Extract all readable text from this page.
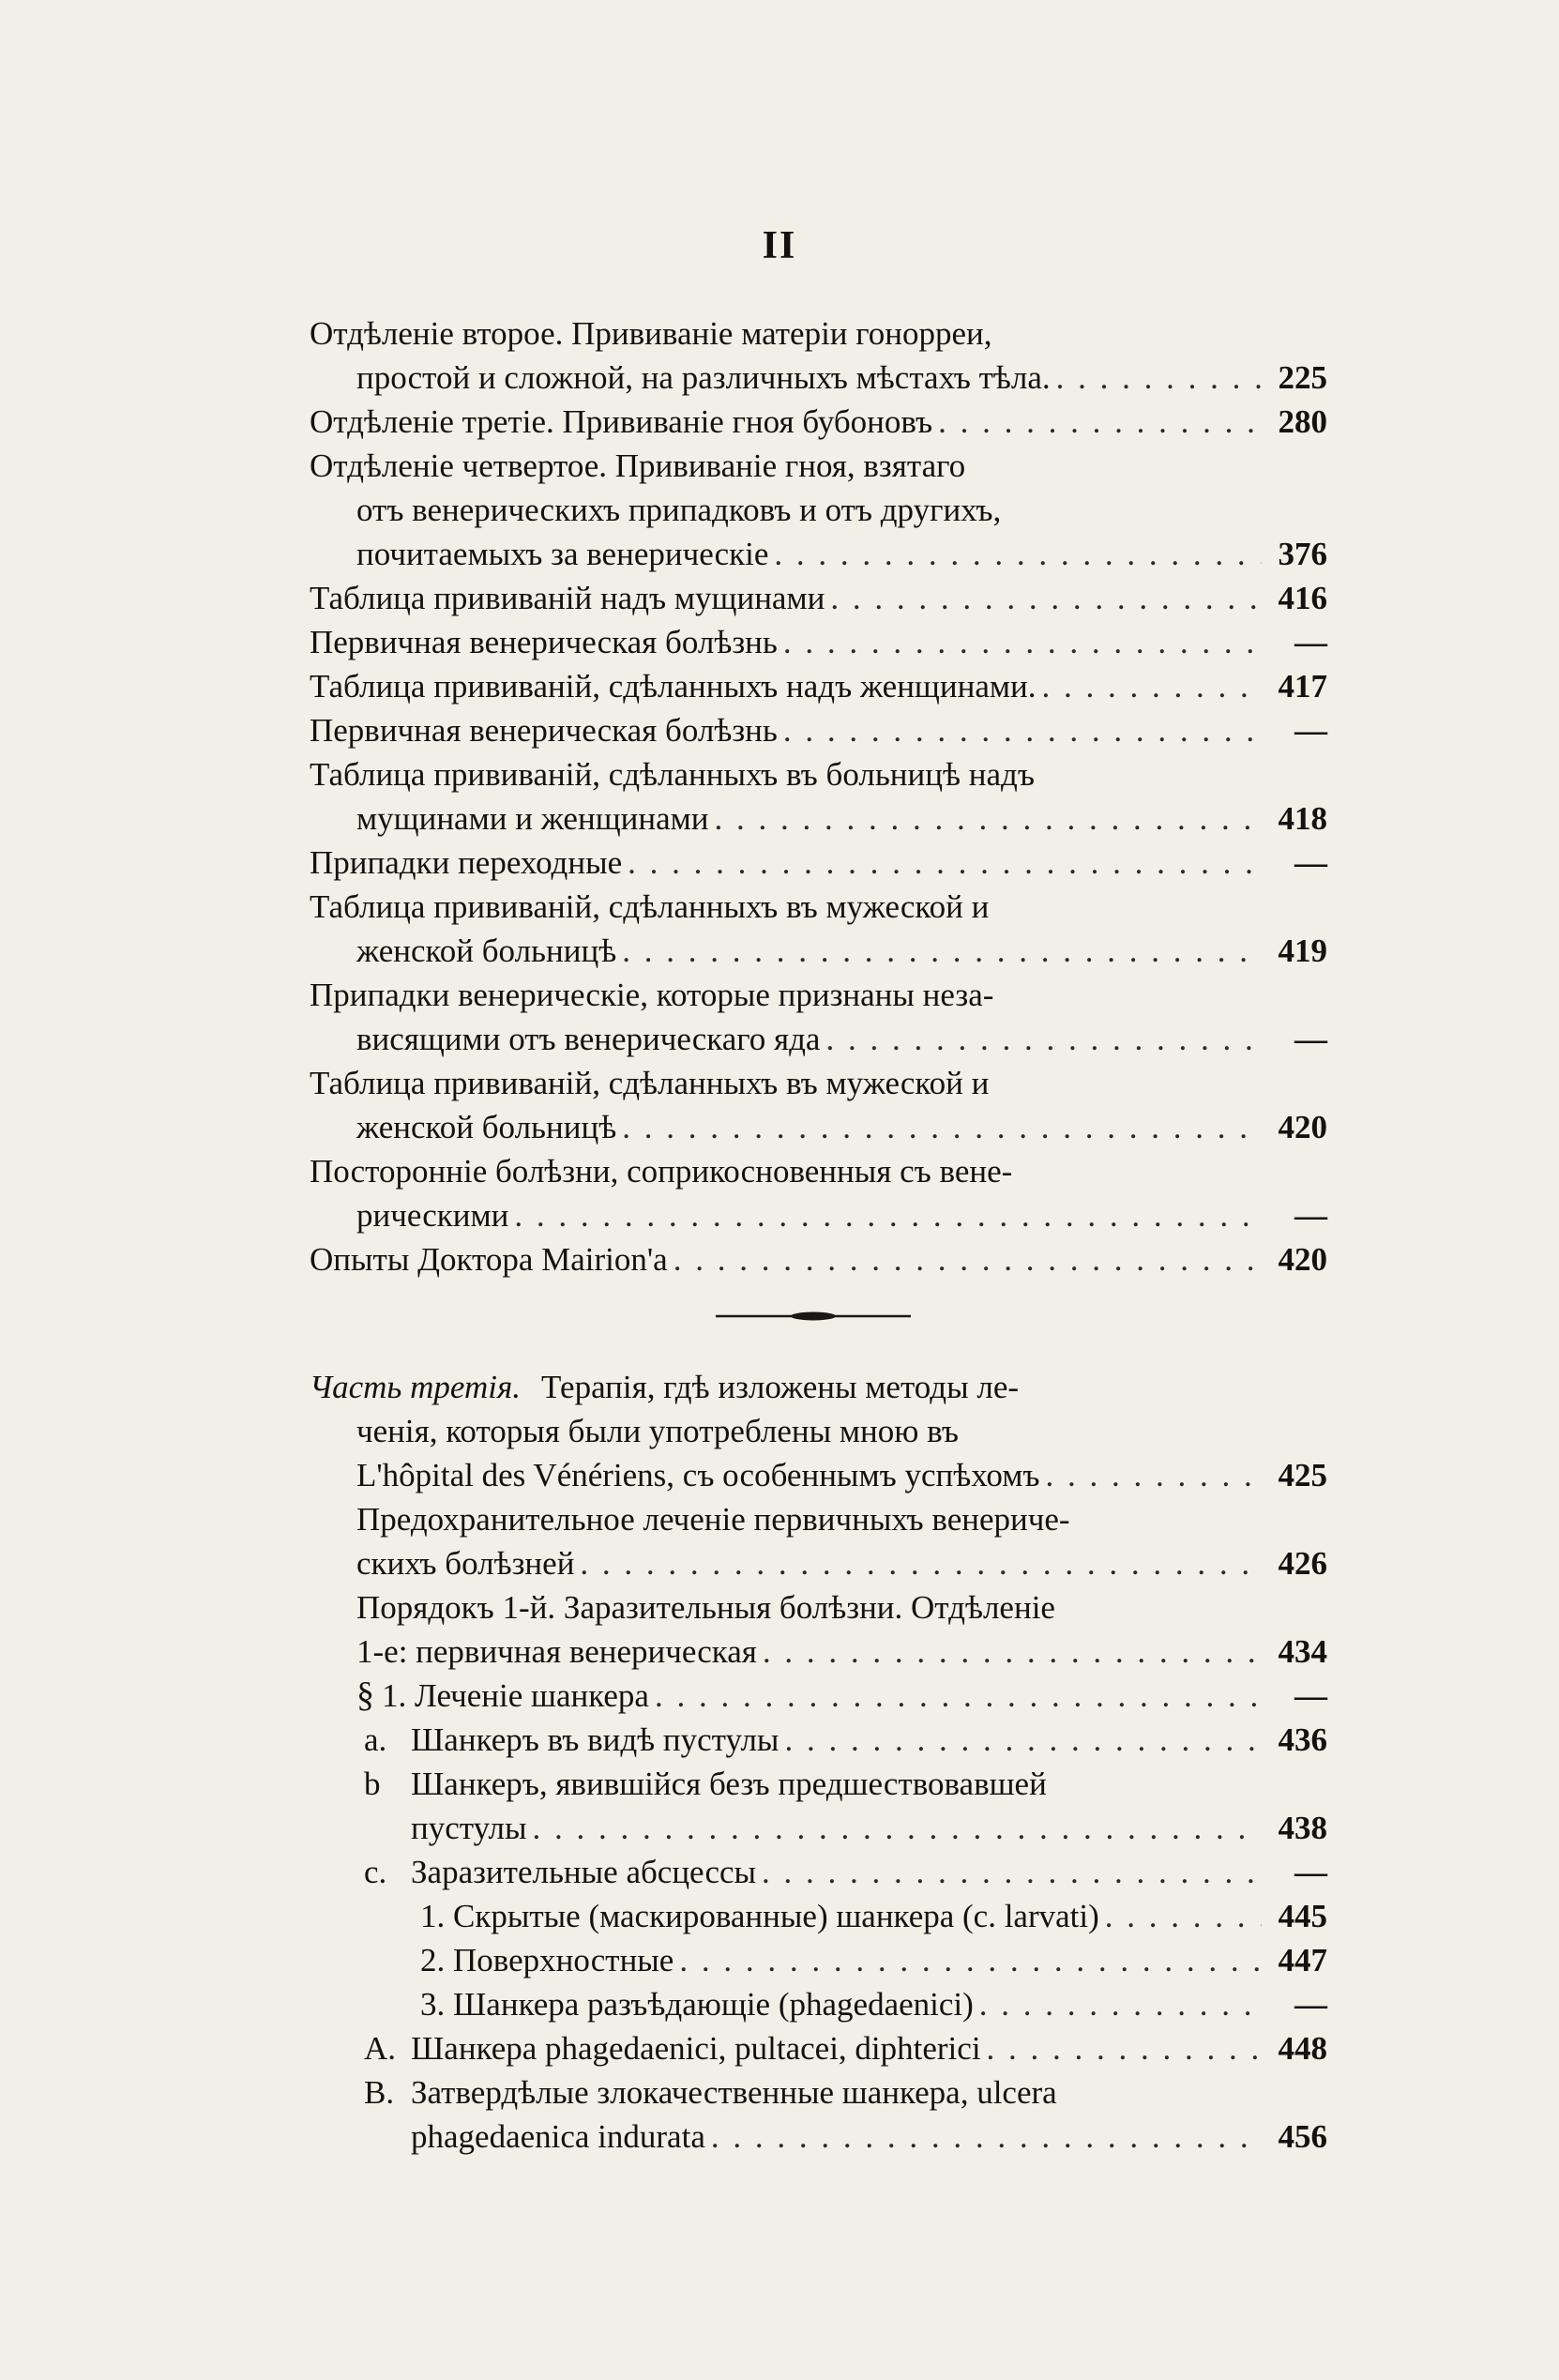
II
Отдѣленіе второе. Прививаніе матеріи гонорреи,
простой и сложной, на различныхъ мѣстахъ тѣла. . . .	225
Отдѣленіе третіе. Прививаніе гноя бубоновъ . . .	280
Отдѣленіе четвертое. Прививаніе гноя, взятаго
отъ венерическихъ припадковъ и отъ другихъ,
почитаемыхъ за венерическіе . . .	376
Таблица прививаній надъ мущинами . . .	416
Первичная венерическая болѣзнь . . .	—
Таблица прививаній, сдѣланныхъ надъ женщинами. . . .	417
Первичная венерическая болѣзнь . . .	—
Таблица прививаній, сдѣланныхъ въ больницѣ надъ
мущинами и женщинами . . .	418
Припадки переходные . . .	—
Таблица прививаній, сдѣланныхъ въ мужеской и
женской больницѣ . . .	419
Припадки венерическіе, которые признаны неза-
висящими отъ венерическаго яда . . .	—
Таблица прививаній, сдѣланныхъ въ мужеской и
женской больницѣ . . .	420
Посторонніе болѣзни, соприкосновенныя съ вене-
рическими . . .	—
Опыты Доктора Mairion'а . . .	420
Часть третія. Терапія, гдѣ изложены методы ле-
ченія, которыя были употреблены мною въ
L'hôpital des Vénériens, съ особеннымъ успѣхомъ . . .	425
Предохранительное леченіе первичныхъ венериче-
скихъ болѣзней . . .	426
Порядокъ 1-й. Заразительныя болѣзни. Отдѣленіе
1-е: первичная венерическая . . .	434
§ 1. Леченіе шанкера . . .	—
a. Шанкеръ въ видѣ пустулы . . .	436
b Шанкеръ, явившійся безъ предшествовавшей
пустулы . . .	438
c. Заразительные абсцессы . . .	—
1. Скрытые (маскированные) шанкера (c. larvati) . . .	445
2. Поверхностные . . .	447
3. Шанкера разъѣдающіе (phagedaenici) . . .	—
A. Шанкера phagedaenici, pultacei, diphterici . . .	448
B. Затвердѣлые злокачественные шанкера, ulcera
phagedaenica indurata . . .	456
